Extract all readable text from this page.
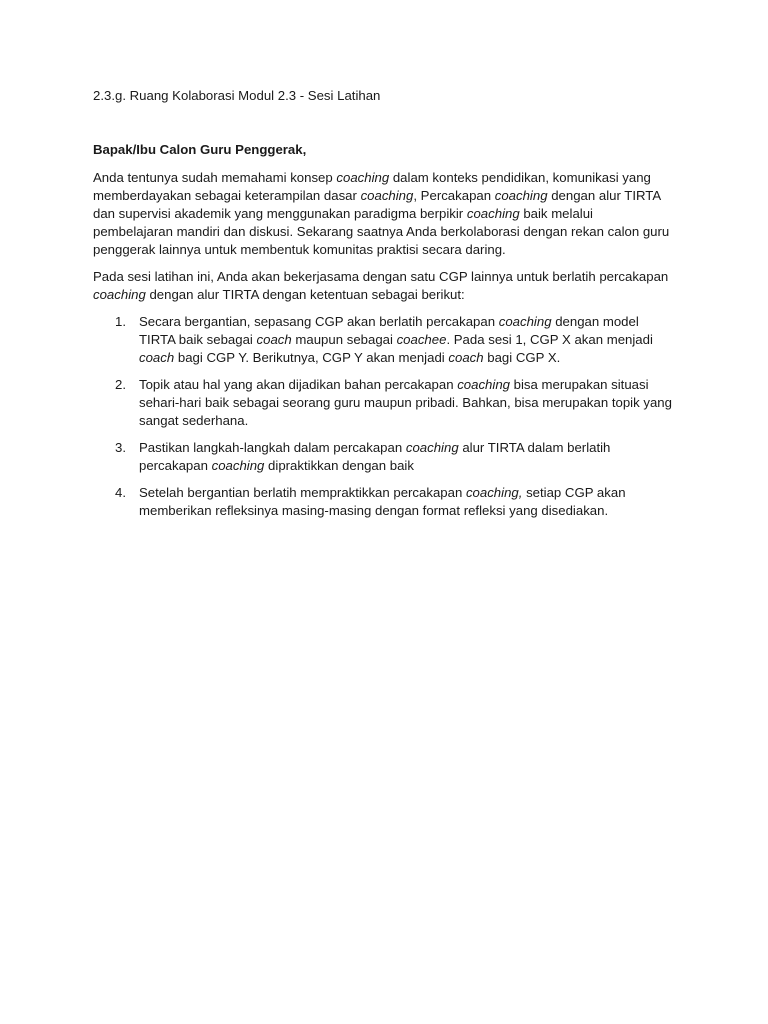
2.3.g. Ruang Kolaborasi Modul 2.3 - Sesi Latihan

Bapak/Ibu Calon Guru Penggerak,

Anda tentunya sudah memahami konsep coaching dalam konteks pendidikan, komunikasi yang memberdayakan sebagai keterampilan dasar coaching, Percakapan coaching dengan alur TIRTA dan supervisi akademik yang menggunakan paradigma berpikir coaching baik melalui pembelajaran mandiri dan diskusi. Sekarang saatnya Anda berkolaborasi dengan rekan calon guru penggerak lainnya untuk membentuk komunitas praktisi secara daring.

Pada sesi latihan ini, Anda akan bekerjasama dengan satu CGP lainnya untuk berlatih percakapan coaching dengan alur TIRTA dengan ketentuan sebagai berikut:

1. Secara bergantian, sepasang CGP akan berlatih percakapan coaching dengan model TIRTA baik sebagai coach maupun sebagai coachee. Pada sesi 1, CGP X akan menjadi coach bagi CGP Y. Berikutnya, CGP Y akan menjadi coach bagi CGP X.
2. Topik atau hal yang akan dijadikan bahan percakapan coaching bisa merupakan situasi sehari-hari baik sebagai seorang guru maupun pribadi. Bahkan, bisa merupakan topik yang sangat sederhana.
3. Pastikan langkah-langkah dalam percakapan coaching alur TIRTA dalam berlatih percakapan coaching dipraktikkan dengan baik
4. Setelah bergantian berlatih mempraktikkan percakapan coaching, setiap CGP akan memberikan refleksinya masing-masing dengan format refleksi yang disediakan.
